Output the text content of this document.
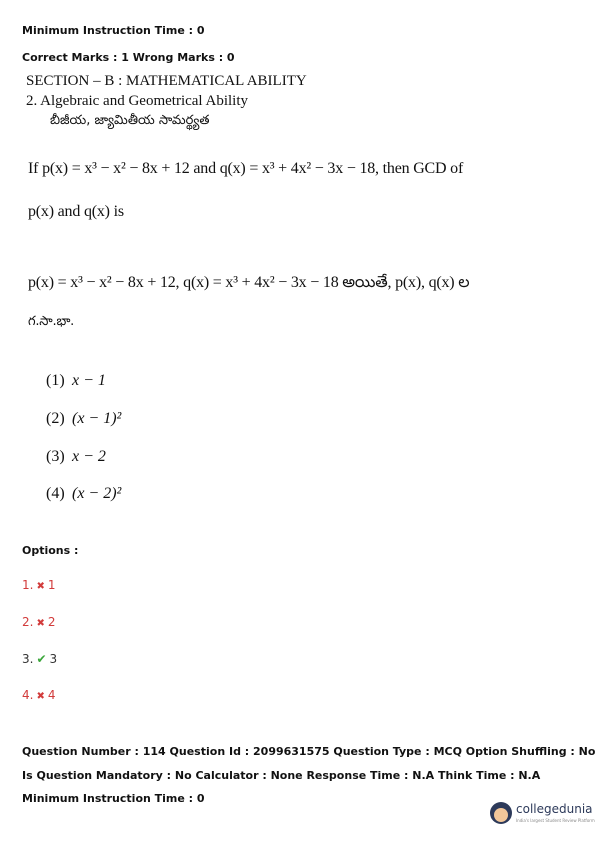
Minimum Instruction Time : 0
Correct Marks : 1 Wrong Marks : 0
SECTION – B : MATHEMATICAL ABILITY
2. Algebraic and Geometrical Ability
బీజీయ, జ్యామితీయ సామర్థ్యత
If p(x) = x³ − x² − 8x + 12 and q(x) = x³ + 4x² − 3x − 18, then GCD of
p(x) and q(x) is
p(x) = x³ − x² − 8x + 12, q(x) = x³ + 4x² − 3x − 18 అయితే, p(x), q(x) ల
గ.సా.భా.
(1) x − 1
(2) (x − 1)²
(3) x − 2
(4) (x − 2)²
Options :
1. ✖ 1
2. ✖ 2
3. ✔ 3
4. ✖ 4
Question Number : 114 Question Id : 2099631575 Question Type : MCQ Option Shuffling : No
Is Question Mandatory : No Calculator : None Response Time : N.A Think Time : N.A
Minimum Instruction Time : 0
collegedunia
India's largest Student Review Platform
